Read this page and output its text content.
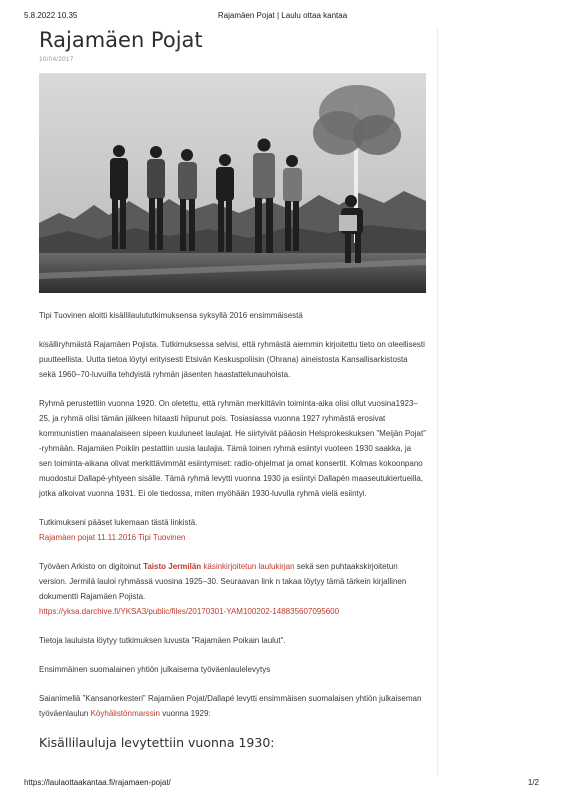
5.8.2022 10.35	Rajamäen Pojat | Laulu ottaa kantaa
Rajamäen Pojat
10/04/2017

Tipi Tuovinen aloitti kisällilaulututkimuksensa syksyllä 2016 ensimmäisestä

kisälliryhmästä Rajamäen Pojista. Tutkimuksessa selvisi, että ryhmästä aiemmin kirjoitettu tieto on oleellisesti puutteellista. Uutta tietoa löytyi erityisesti Etsivän Keskuspoliisin (Ohrana) aineistosta Kansallisarkistosta sekä 1960–70-luvuilla tehdyistä ryhmän jäsenten haastattelunauhoista.

Ryhmä perustettiin vuonna 1920. On oletettu, että ryhmän merkittävin toiminta-aika olisi ollut vuosina1923–25, ja ryhmä olisi tämän jälkeen hitaasti hiipunut pois. Tosiasiassa vuonna 1927 ryhmästä erosivat kommunistien maanalaiseen sipeen kuuluneet laulajat. He siirtyivät pääosin Helsprokeskuksen ”Meijän Pojat” -ryhmään. Rajamäen Poikiin pestattiin uusia laulajia. Tämä toinen ryhmä esiintyi vuoteen 1930 saakka, ja sen toiminta-aikana olivat merkittävimmät esiintymiset: radio-ohjelmat ja omat konsertit. Kolmas kokoonpano muodostui Dallapé-yhtyeen sisälle. Tämä ryhmä levytti vuonna 1930 ja esiintyi Dallapén maaseutukiertueilla, jotka alkoivat vuonna 1931. Ei ole tiedossa, miten myöhään 1930-luvulla ryhmä vielä esiintyi.

Tutkimukseni pääset lukemaan tästä linkistä.

Rajamäen pojat 11.11.2016 Tipi Tuovinen

Työväen Arkisto on digitoinut Taisto Jermilän käsinkirjoitetun laulukirjan sekä sen puhtaakskirjoitetun version. Jermilä lauloi ryhmässä vuosina 1925–30. Seuraavan link n takaa löytyy tämä tärkein kirjallinen dokumentti Rajamäen Pojista.

https://yksa.darchive.fi/YKSA3/public/files/20170301-YAM100202-148835607095600

Tietoja lauluista löytyy tutkimuksen luvusta ”Rajamäen Poikain laulut”.

Ensimmäinen suomalainen yhtiön julkaisema työväenlaulelevytys

Saianimellä ”Kansanorkesteri” Rajamäen Pojat/Dallapé levytti ensimmäisen suomalaisen yhtiön julkaiseman työväenlaulun Köyhälistönmarssin vuonna 1929:

Kisällilauluja levytettiin vuonna 1930:
https://laulaottaakantaa.fi/rajamaen-pojat/	1/2
